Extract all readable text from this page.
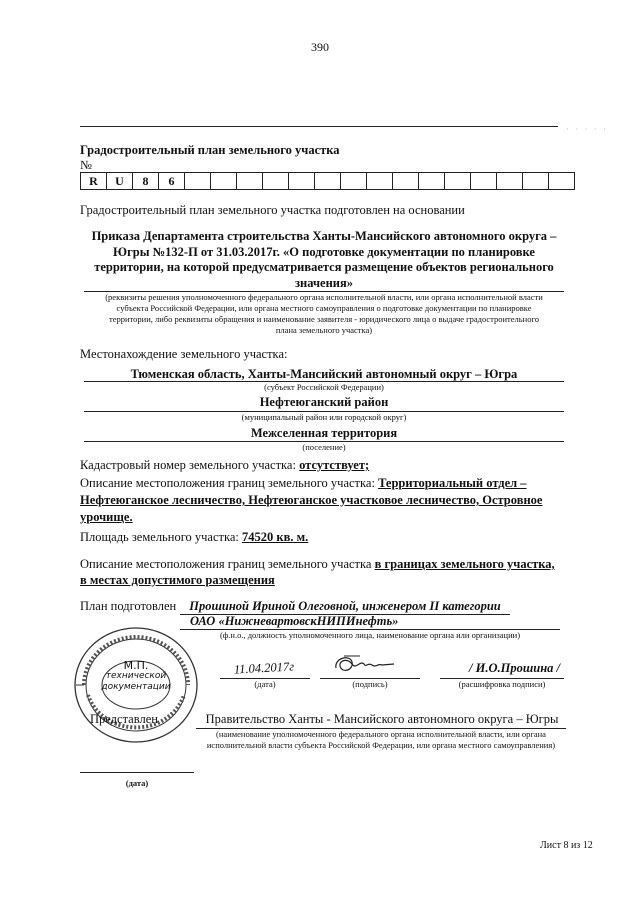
390
· · · · ·
Градостроительный план земельного участка
№
R	U	8	6															
Градостроительный план земельного участка подготовлен на основании
Приказа Департамента строительства Ханты-Мансийского автономного округа –
Югры №132-П от 31.03.2017г. «О подготовке документации по планировке
территории, на которой предусматривается размещение объектов регионального
значения»
(реквизиты решения уполномоченного федерального органа исполнительной власти, или органа исполнительной власти
субъекта Российской Федерации, или органа местного самоуправления о подготовке документации по планировке
территории, либо реквизиты обращения и наименование заявителя - юридического лица о выдаче градостроительного
плана земельного участка)
Местонахождение земельного участка:
Тюменская область, Ханты-Мансийский автономный округ – Югра
(субъект Российской Федерации)
Нефтеюганский район
(муниципальный район или городской округ)
Межселенная территория
(поселение)
Кадастровый номер земельного участка: отсутствует;
Описание местоположения границ земельного участка: Территориальный отдел –
Нефтеюганское лесничество, Нефтеюганское участковое лесничество, Островное
урочище.
Площадь земельного участка: 74520 кв. м.
Описание местоположения границ земельного участка в границах земельного участка,
в местах допустимого размещения
План подготовлен	Прошиной Ириной Олеговной, инженером II категории
ОАО «НижневартовскНИПИнефть»
(ф.н.о., должность уполномоченного лица, наименование органа или организации)
М.П.
технической
документации
11.04.2017г
(дата)	(подпись)
/ И.О.Прошина /
(расшифровка подписи)
Представлен	Правительство Ханты - Мансийского автономного округа – Югры
(наименование уполномоченного федерального органа исполнительной власти, или органа
исполнительной власти субъекта Российской Федерации, или органа местного самоуправления)
(дата)
Лист 8 из 12
